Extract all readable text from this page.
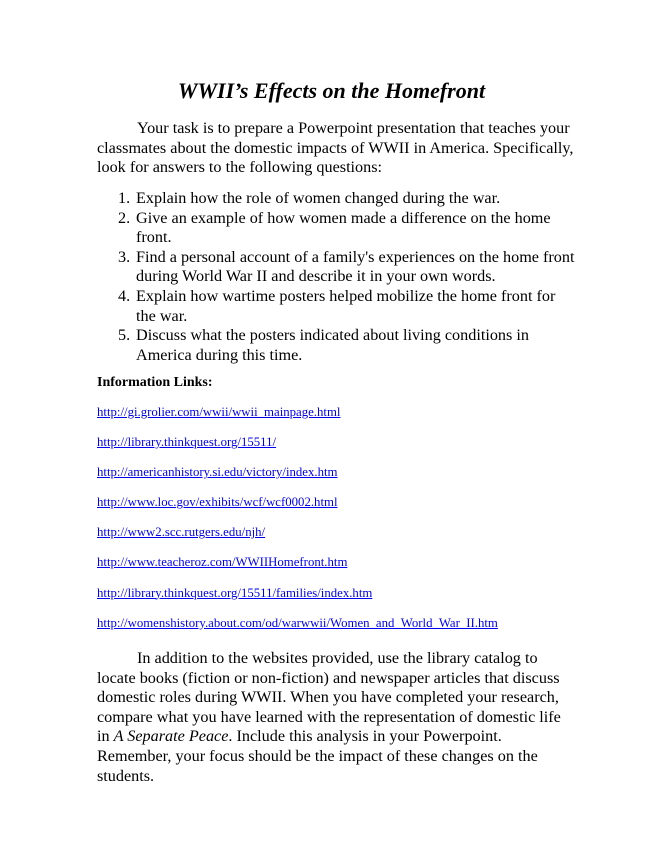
WWII’s Effects on the Homefront

Your task is to prepare a Powerpoint presentation that teaches your classmates about the domestic impacts of WWII in America. Specifically, look for answers to the following questions:

1. Explain how the role of women changed during the war.
2. Give an example of how women made a difference on the home front.
3. Find a personal account of a family's experiences on the home front during World War II and describe it in your own words.
4. Explain how wartime posters helped mobilize the home front for the war.
5. Discuss what the posters indicated about living conditions in America during this time.

Information Links:

http://gi.grolier.com/wwii/wwii_mainpage.html
http://library.thinkquest.org/15511/
http://americanhistory.si.edu/victory/index.htm
http://www.loc.gov/exhibits/wcf/wcf0002.html
http://www2.scc.rutgers.edu/njh/
http://www.teacheroz.com/WWIIHomefront.htm
http://library.thinkquest.org/15511/families/index.htm
http://womenshistory.about.com/od/warwwii/Women_and_World_War_II.htm

In addition to the websites provided, use the library catalog to locate books (fiction or non-fiction) and newspaper articles that discuss domestic roles during WWII. When you have completed your research, compare what you have learned with the representation of domestic life in A Separate Peace. Include this analysis in your Powerpoint. Remember, your focus should be the impact of these changes on the students.
